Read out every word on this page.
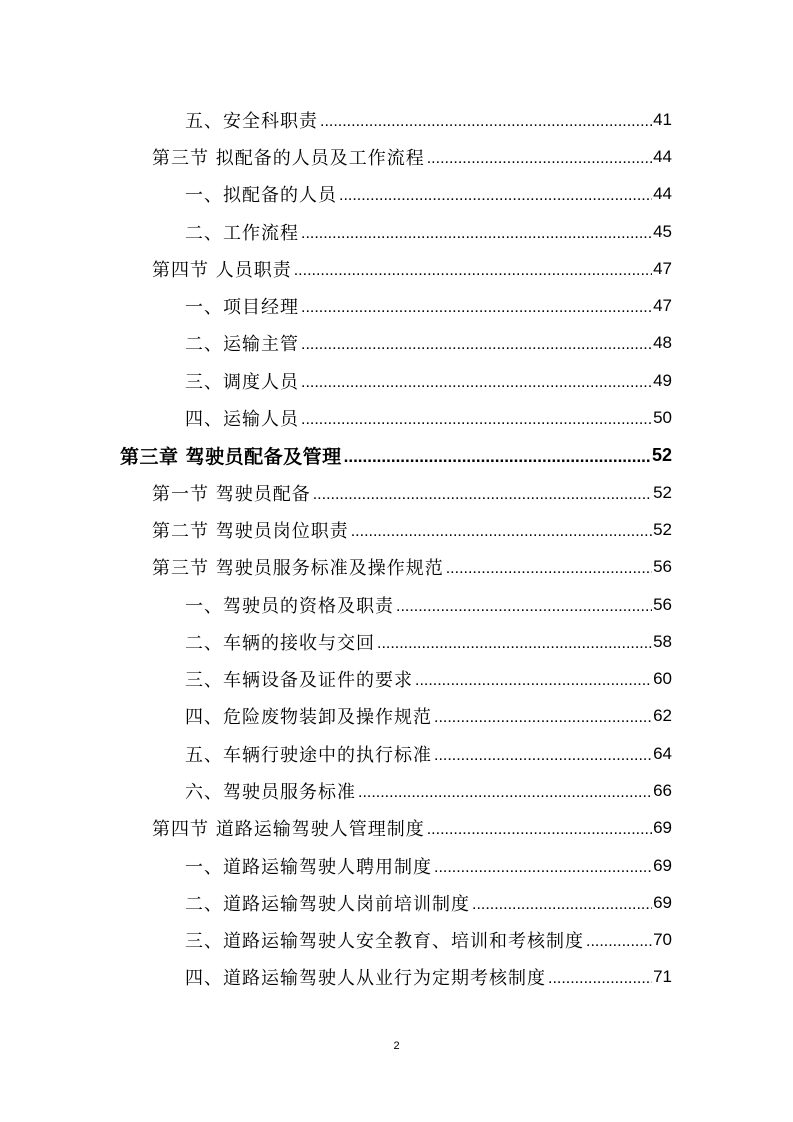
五、安全科职责 .....	41
第三节 拟配备的人员及工作流程 .....	44
一、拟配备的人员 .....	44
二、工作流程 .....	45
第四节 人员职责 .....	47
一、项目经理 .....	47
二、运输主管 .....	48
三、调度人员 .....	49
四、运输人员 .....	50
第三章 驾驶员配备及管理 .....	52
第一节 驾驶员配备 .....	52
第二节 驾驶员岗位职责 .....	52
第三节 驾驶员服务标准及操作规范 .....	56
一、驾驶员的资格及职责 .....	56
二、车辆的接收与交回 .....	58
三、车辆设备及证件的要求 .....	60
四、危险废物装卸及操作规范 .....	62
五、车辆行驶途中的执行标准 .....	64
六、驾驶员服务标准 .....	66
第四节 道路运输驾驶人管理制度 .....	69
一、道路运输驾驶人聘用制度 .....	69
二、道路运输驾驶人岗前培训制度 .....	69
三、道路运输驾驶人安全教育、培训和考核制度 .....	70
四、道路运输驾驶人从业行为定期考核制度 .....	71
2
